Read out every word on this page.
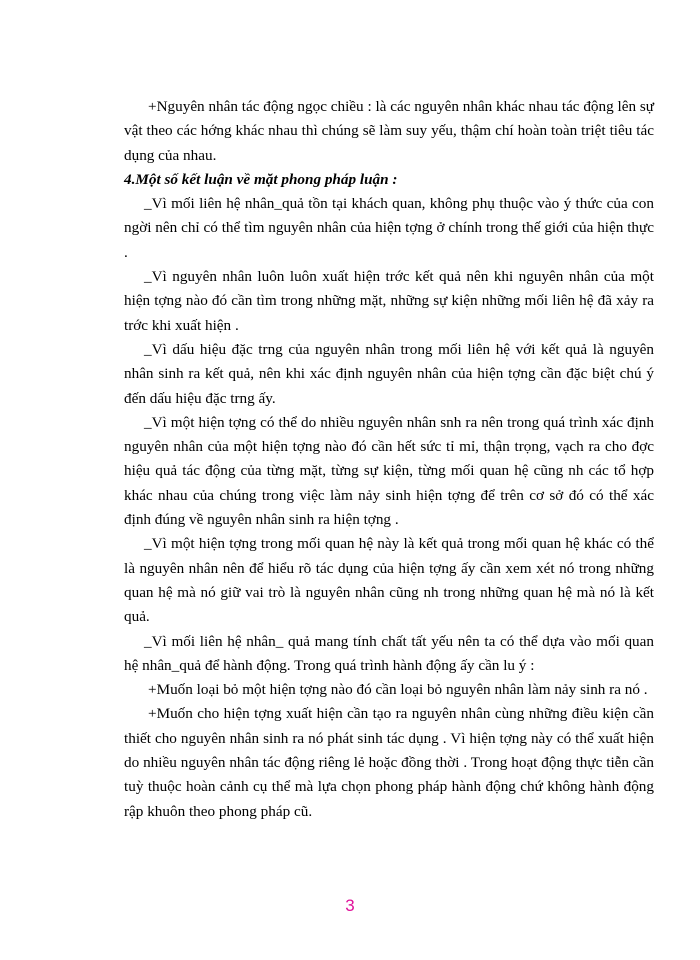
+Nguyên nhân tác động ngọc chiều : là các nguyên nhân khác nhau tác động lên sự vật theo các hớng khác nhau thì chúng sẽ làm suy yếu, thậm chí hoàn toàn triệt tiêu tác dụng của nhau.

4.Một số kết luận về mặt phong pháp luận :

_Vì mối liên hệ nhân_quả tồn tại khách quan, không phụ thuộc vào ý thức của con ngời nên chỉ có thể tìm nguyên nhân của hiện tợng ở chính trong thế giới của hiện thực .

_Vì nguyên nhân luôn luôn xuất hiện trớc kết quả nên khi nguyên nhân của một hiện tợng nào đó cần tìm trong những mặt, những sự kiện những mối liên hệ đã xảy ra trớc khi xuất hiện .

_Vì dấu hiệu đặc trng của nguyên nhân trong mối liên hệ với kết quả là nguyên nhân sinh ra kết quả, nên khi xác định nguyên nhân của hiện tợng cần đặc biệt chú ý đến dấu hiệu đặc trng ấy.

_Vì một hiện tợng có thể do nhiều nguyên nhân snh ra nên trong quá trình xác định nguyên nhân của một hiện tợng nào đó cần hết sức tỉ mỉ, thận trọng, vạch ra cho đợc hiệu quả tác động của từng mặt, từng sự kiện, từng mối quan hệ cũng nh các tổ hợp khác nhau của chúng trong việc làm nảy sinh hiện tợng để trên cơ sở đó có thể xác định đúng về nguyên nhân sinh ra hiện tợng .

_Vì một hiện tợng trong mối quan hệ này là kết quả trong mối quan hệ khác có thể là nguyên nhân nên để hiểu rõ tác dụng của hiện tợng ấy cần xem xét nó trong những quan hệ mà nó giữ vai trò là nguyên nhân cũng nh trong những quan hệ mà nó là kết quả.

_Vì mối liên hệ nhân_ quả mang tính chất tất yếu nên ta có thể dựa vào mối quan hệ nhân_quả để hành động. Trong quá trình hành động ấy cần lu ý :

+Muốn loại bỏ một hiện tợng nào đó cần loại bỏ nguyên nhân làm nảy sinh ra nó .

+Muốn cho hiện tợng xuất hiện cần tạo ra nguyên nhân cùng những điều kiện cần thiết cho nguyên nhân sinh ra nó phát sinh tác dụng . Vì hiện tợng này có thể xuất hiện do nhiều nguyên nhân tác động riêng lẻ hoặc đồng thời . Trong hoạt động thực tiễn cần tuỳ thuộc hoàn cảnh cụ thể mà lựa chọn phong pháp hành động chứ không hành động rập khuôn theo phong pháp cũ.

3
